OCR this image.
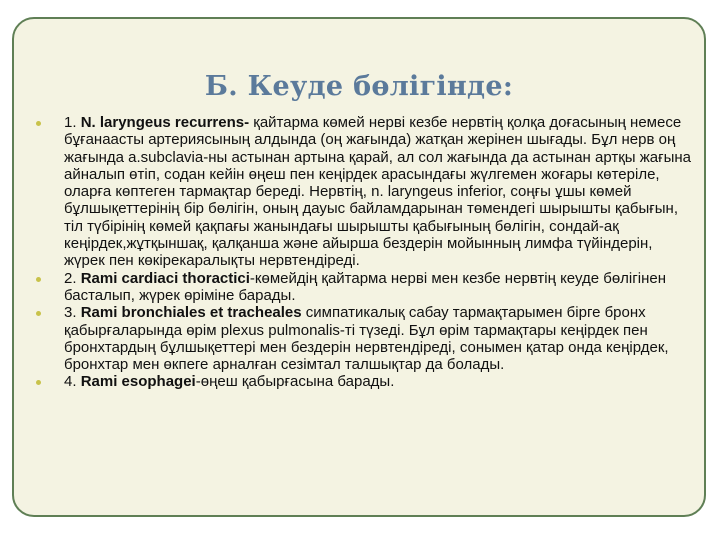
Б. Кеуде бөлігінде:
1. N. laryngeus recurrens- қайтарма көмей нерві кезбе нервтің қолқа доғасының немесе бұғанаасты артериясының алдында (оң жағында) жатқан жерінен шығады. Бұл нерв оң жағында a.subclavia-ны астынан артына қарай, ал сол жағында да астынан артқы жағына айналып өтіп, содан кейін өңеш пен кеңірдек арасындағы жүлгемен жоғары көтеріле, оларға көптеген тармақтар береді. Нервтің, n. laryngeus inferior, соңғы ұшы көмей бұлшықеттерінің бір бөлігін, оның дауыс байламдарынан төмендегі шырышты қабығын, тіл түбірінің көмей қақпағы жанындағы шырышты қабығының бөлігін, сондай-ақ кеңірдек,жұтқыншақ, қалқанша және айырша бездерін мойынның лимфа түйіндерін, жүрек пен көкірекаралықты нервтендіреді.
2. Rami cardiaci thoractici-көмейдің қайтарма нерві мен кезбе нервтің кеуде бөлігінен басталып, жүрек өріміне барады.
3. Rami bronchiales et tracheales симпатикалық сабау тармақтарымен бірге бронх қабырғаларында өрім plexus pulmonalis-ті түзеді. Бұл өрім тармақтары кеңірдек пен бронхтардың бұлшықеттері мен бездерін нервтендіреді, сонымен қатар онда кеңірдек, бронхтар мен өкпеге арналған сезімтал талшықтар да болады.
4. Rami esophagei-өңеш қабырғасына барады.
